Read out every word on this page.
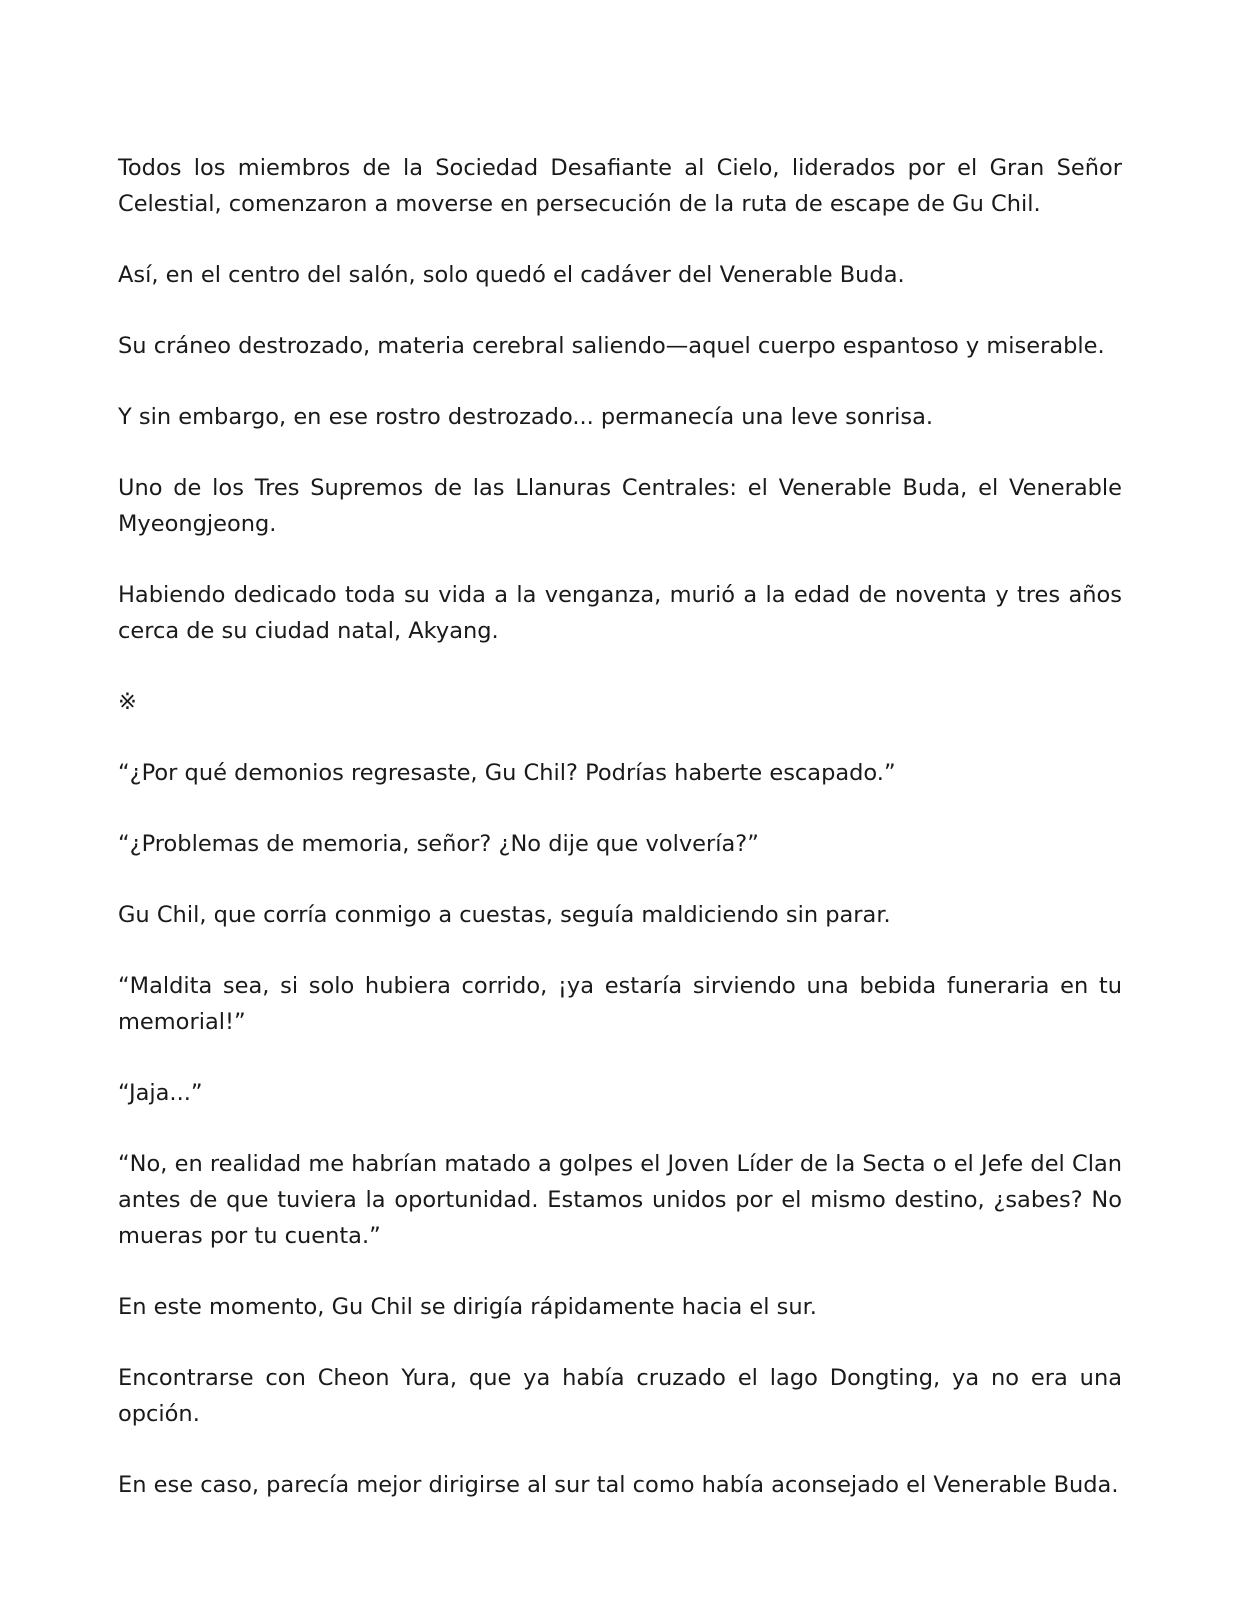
Todos los miembros de la Sociedad Desafiante al Cielo, liderados por el Gran Señor Celestial, comenzaron a moverse en persecución de la ruta de escape de Gu Chil.

Así, en el centro del salón, solo quedó el cadáver del Venerable Buda.

Su cráneo destrozado, materia cerebral saliendo—aquel cuerpo espantoso y miserable.

Y sin embargo, en ese rostro destrozado... permanecía una leve sonrisa.

Uno de los Tres Supremos de las Llanuras Centrales: el Venerable Buda, el Venerable Myeongjeong.

Habiendo dedicado toda su vida a la venganza, murió a la edad de noventa y tres años cerca de su ciudad natal, Akyang.

※

“¿Por qué demonios regresaste, Gu Chil? Podrías haberte escapado.”

“¿Problemas de memoria, señor? ¿No dije que volvería?”

Gu Chil, que corría conmigo a cuestas, seguía maldiciendo sin parar.

“Maldita sea, si solo hubiera corrido, ¡ya estaría sirviendo una bebida funeraria en tu memorial!”

“Jaja...”

“No, en realidad me habrían matado a golpes el Joven Líder de la Secta o el Jefe del Clan antes de que tuviera la oportunidad. Estamos unidos por el mismo destino, ¿sabes? No mueras por tu cuenta.”

En este momento, Gu Chil se dirigía rápidamente hacia el sur.

Encontrarse con Cheon Yura, que ya había cruzado el lago Dongting, ya no era una opción.

En ese caso, parecía mejor dirigirse al sur tal como había aconsejado el Venerable Buda.
